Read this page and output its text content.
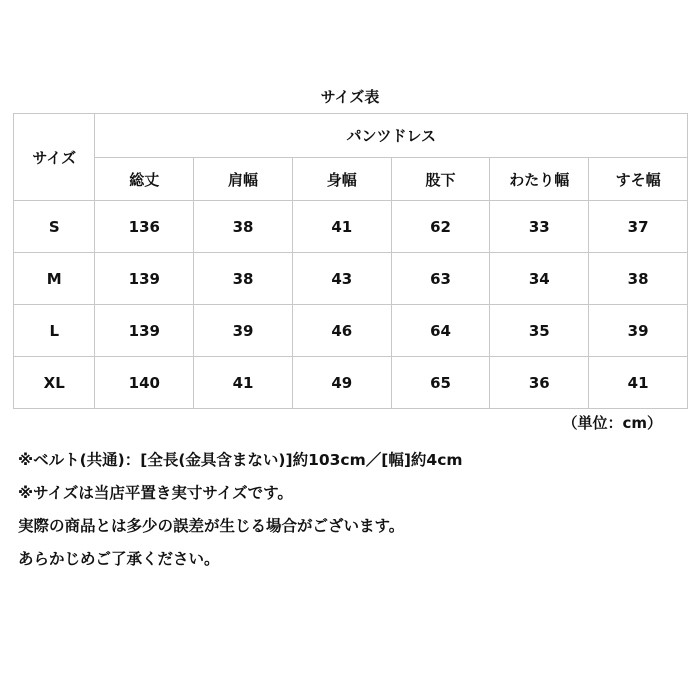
サイズ表
サイズ	パンツドレス					
	総丈	肩幅	身幅	股下	わたり幅	すそ幅
S	136	38	41	62	33	37
M	139	38	43	63	34	38
L	139	39	46	64	35	39
XL	140	41	49	65	36	41
（単位：cm）
※ベルト(共通)：[全長(金具含まない)]約103cm／[幅]約4cm
※サイズは当店平置き実寸サイズです。
実際の商品とは多少の誤差が生じる場合がございます。
あらかじめご了承ください。
